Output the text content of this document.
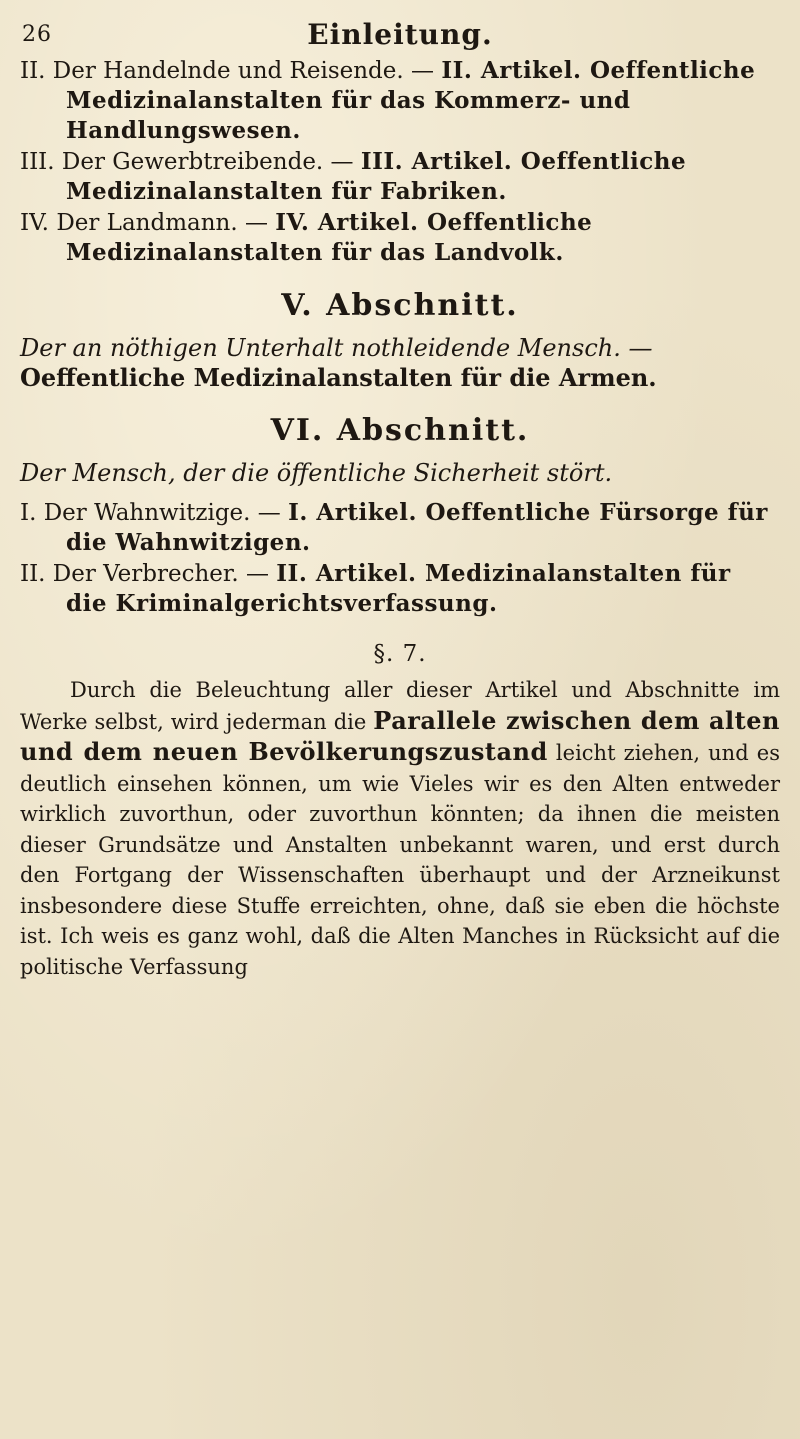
26	Einleitung.

II. Der Handelnde und Reisende. — II. Artikel. Oeffentliche Medizinalanstalten für das Kommerz- und Handlungswesen.

III. Der Gewerbtreibende. — III. Artikel. Oeffentliche Medizinalanstalten für Fabriken.

IV. Der Landmann. — IV. Artikel. Oeffentliche Medizinalanstalten für das Landvolk.

V. Abschnitt.

Der an nöthigen Unterhalt nothleidende Mensch. — Oeffentliche Medizinalanstalten für die Armen.

VI. Abschnitt.

Der Mensch, der die öffentliche Sicherheit stört.

I. Der Wahnwitzige. — I. Artikel. Oeffentliche Fürsorge für die Wahnwitzigen.

II. Der Verbrecher. — II. Artikel. Medizinalanstalten für die Kriminalgerichtsverfassung.

§. 7.

Durch die Beleuchtung aller dieser Artikel und Abschnitte im Werke selbst, wird jederman die Parallele zwischen dem alten und dem neuen Bevölkerungszustand leicht ziehen, und es deutlich einsehen können, um wie Vieles wir es den Alten entweder wirklich zuvorthun, oder zuvorthun könnten; da ihnen die meisten dieser Grundsätze und Anstalten unbekannt waren, und erst durch den Fortgang der Wissenschaften überhaupt und der Arzneikunst insbesondere diese Stuffe erreichten, ohne, daß sie eben die höchste ist. Ich weis es ganz wohl, daß die Alten Manches in Rücksicht auf die politische Verfassung
